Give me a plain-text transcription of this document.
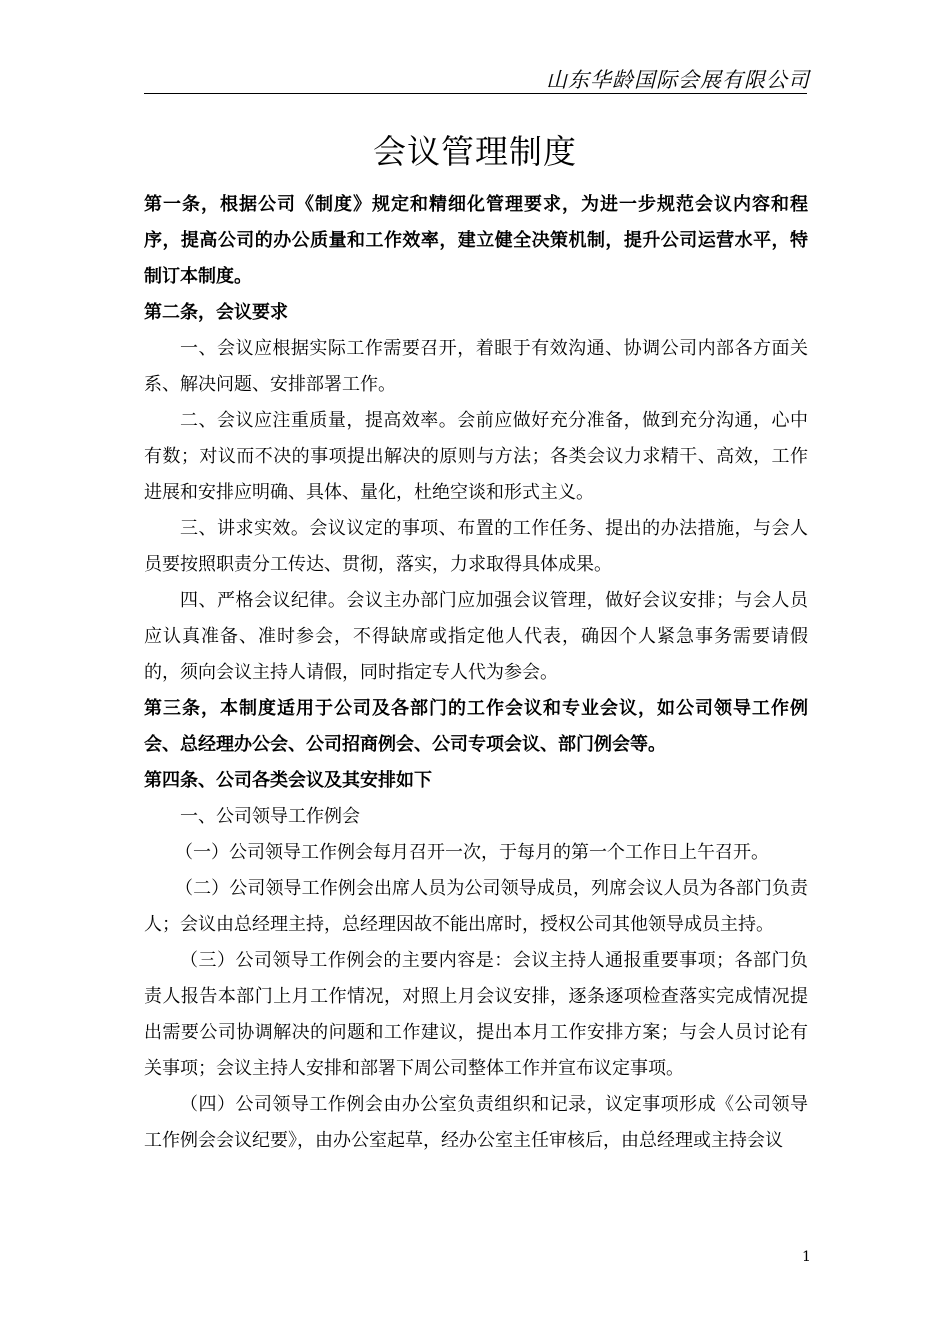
山东华龄国际会展有限公司
会议管理制度

第一条，根据公司《制度》规定和精细化管理要求，为进一步规范会议内容和程序，提高公司的办公质量和工作效率，建立健全决策机制，提升公司运营水平，特制订本制度。

第二条，会议要求

一、会议应根据实际工作需要召开，着眼于有效沟通、协调公司内部各方面关系、解决问题、安排部署工作。

二、会议应注重质量，提高效率。会前应做好充分准备，做到充分沟通，心中有数；对议而不决的事项提出解决的原则与方法；各类会议力求精干、高效，工作进展和安排应明确、具体、量化，杜绝空谈和形式主义。

三、讲求实效。会议议定的事项、布置的工作任务、提出的办法措施，与会人员要按照职责分工传达、贯彻，落实，力求取得具体成果。

四、严格会议纪律。会议主办部门应加强会议管理，做好会议安排；与会人员应认真准备、准时参会，不得缺席或指定他人代表，确因个人紧急事务需要请假的，须向会议主持人请假，同时指定专人代为参会。

第三条，本制度适用于公司及各部门的工作会议和专业会议，如公司领导工作例会、总经理办公会、公司招商例会、公司专项会议、部门例会等。

第四条、公司各类会议及其安排如下

一、公司领导工作例会

（一）公司领导工作例会每月召开一次，于每月的第一个工作日上午召开。

（二）公司领导工作例会出席人员为公司领导成员，列席会议人员为各部门负责人；会议由总经理主持，总经理因故不能出席时，授权公司其他领导成员主持。

（三）公司领导工作例会的主要内容是：会议主持人通报重要事项；各部门负责人报告本部门上月工作情况，对照上月会议安排，逐条逐项检查落实完成情况提出需要公司协调解决的问题和工作建议，提出本月工作安排方案；与会人员讨论有关事项；会议主持人安排和部署下周公司整体工作并宣布议定事项。

（四）公司领导工作例会由办公室负责组织和记录，议定事项形成《公司领导工作例会会议纪要》，由办公室起草，经办公室主任审核后，由总经理或主持会议

1
